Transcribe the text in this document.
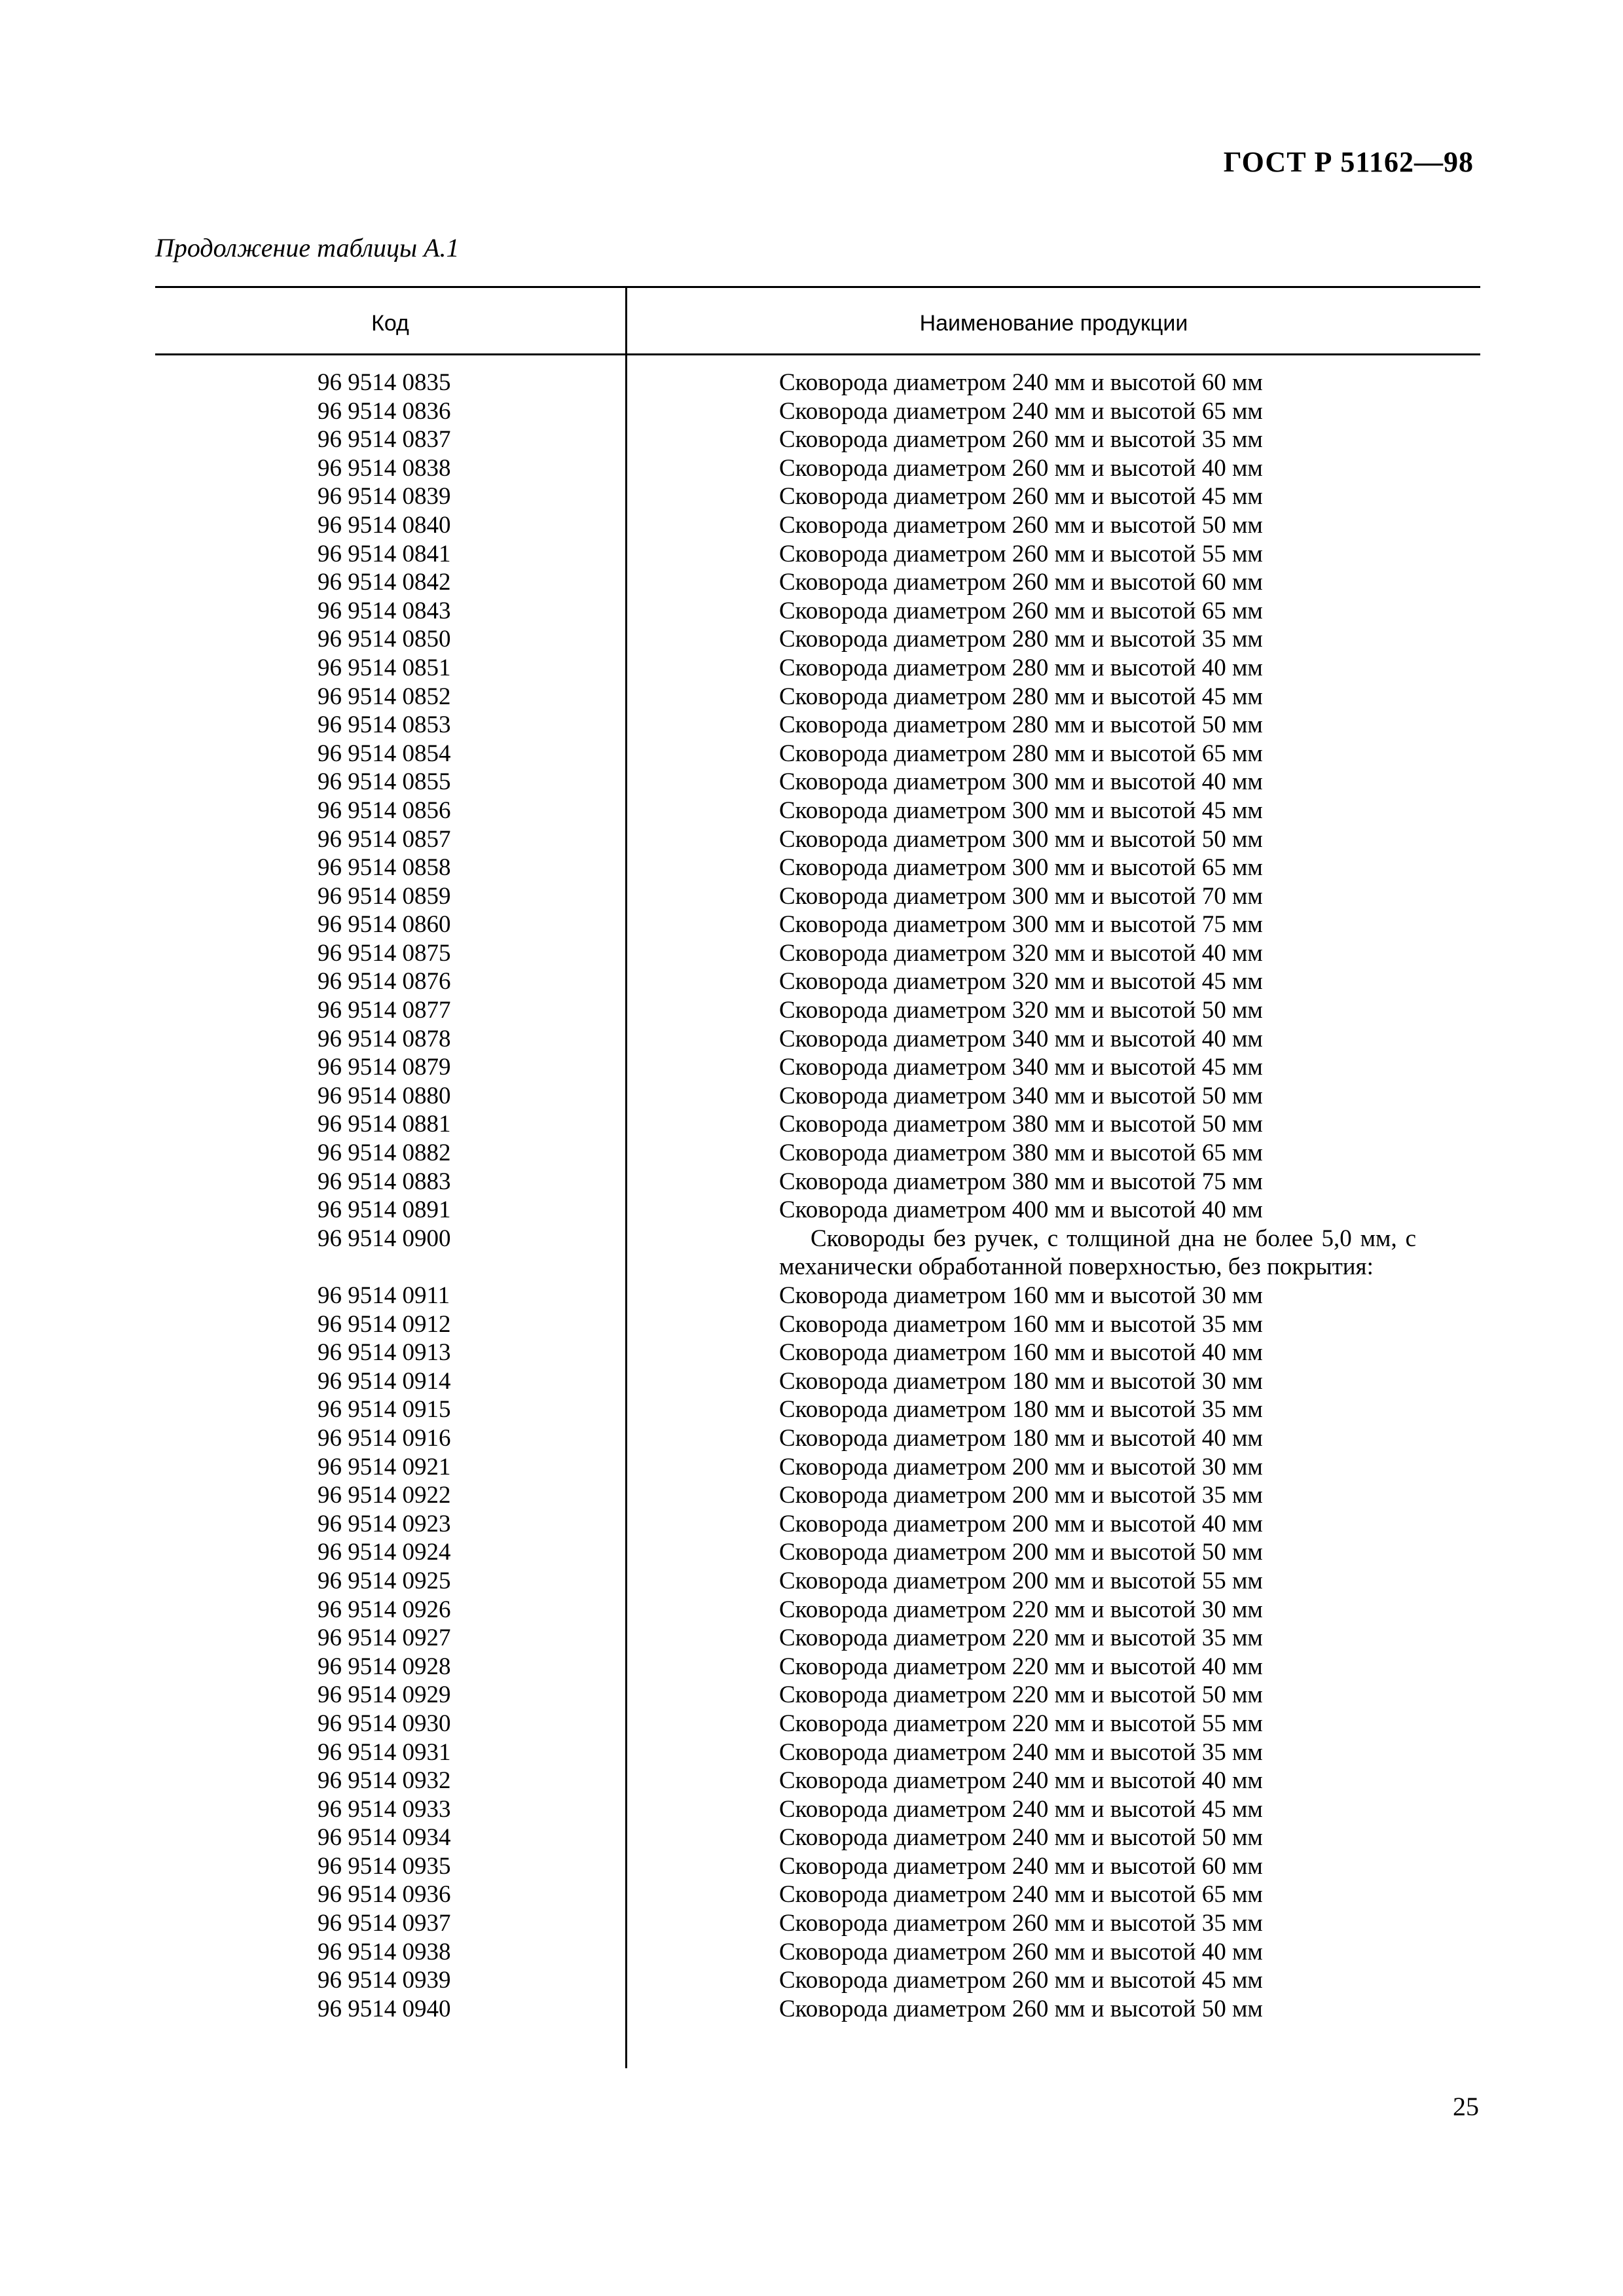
ГОСТ Р 51162—98
Продолжение таблицы А.1
Код	Наименование продукции
96 9514 0835	Сковорода диаметром 240 мм и высотой 60 мм
96 9514 0836	Сковорода диаметром 240 мм и высотой 65 мм
96 9514 0837	Сковорода диаметром 260 мм и высотой 35 мм
96 9514 0838	Сковорода диаметром 260 мм и высотой 40 мм
96 9514 0839	Сковорода диаметром 260 мм и высотой 45 мм
96 9514 0840	Сковорода диаметром 260 мм и высотой 50 мм
96 9514 0841	Сковорода диаметром 260 мм и высотой 55 мм
96 9514 0842	Сковорода диаметром 260 мм и высотой 60 мм
96 9514 0843	Сковорода диаметром 260 мм и высотой 65 мм
96 9514 0850	Сковорода диаметром 280 мм и высотой 35 мм
96 9514 0851	Сковорода диаметром 280 мм и высотой 40 мм
96 9514 0852	Сковорода диаметром 280 мм и высотой 45 мм
96 9514 0853	Сковорода диаметром 280 мм и высотой 50 мм
96 9514 0854	Сковорода диаметром 280 мм и высотой 65 мм
96 9514 0855	Сковорода диаметром 300 мм и высотой 40 мм
96 9514 0856	Сковорода диаметром 300 мм и высотой 45 мм
96 9514 0857	Сковорода диаметром 300 мм и высотой 50 мм
96 9514 0858	Сковорода диаметром 300 мм и высотой 65 мм
96 9514 0859	Сковорода диаметром 300 мм и высотой 70 мм
96 9514 0860	Сковорода диаметром 300 мм и высотой 75 мм
96 9514 0875	Сковорода диаметром 320 мм и высотой 40 мм
96 9514 0876	Сковорода диаметром 320 мм и высотой 45 мм
96 9514 0877	Сковорода диаметром 320 мм и высотой 50 мм
96 9514 0878	Сковорода диаметром 340 мм и высотой 40 мм
96 9514 0879	Сковорода диаметром 340 мм и высотой 45 мм
96 9514 0880	Сковорода диаметром 340 мм и высотой 50 мм
96 9514 0881	Сковорода диаметром 380 мм и высотой 50 мм
96 9514 0882	Сковорода диаметром 380 мм и высотой 65 мм
96 9514 0883	Сковорода диаметром 380 мм и высотой 75 мм
96 9514 0891	Сковорода диаметром 400 мм и высотой 40 мм
96 9514 0900	Сковороды без ручек, с толщиной дна не более 5,0 мм, с механически обработанной поверхностью, без покрытия:
96 9514 0911	Сковорода диаметром 160 мм и высотой 30 мм
96 9514 0912	Сковорода диаметром 160 мм и высотой 35 мм
96 9514 0913	Сковорода диаметром 160 мм и высотой 40 мм
96 9514 0914	Сковорода диаметром 180 мм и высотой 30 мм
96 9514 0915	Сковорода диаметром 180 мм и высотой 35 мм
96 9514 0916	Сковорода диаметром 180 мм и высотой 40 мм
96 9514 0921	Сковорода диаметром 200 мм и высотой 30 мм
96 9514 0922	Сковорода диаметром 200 мм и высотой 35 мм
96 9514 0923	Сковорода диаметром 200 мм и высотой 40 мм
96 9514 0924	Сковорода диаметром 200 мм и высотой 50 мм
96 9514 0925	Сковорода диаметром 200 мм и высотой 55 мм
96 9514 0926	Сковорода диаметром 220 мм и высотой 30 мм
96 9514 0927	Сковорода диаметром 220 мм и высотой 35 мм
96 9514 0928	Сковорода диаметром 220 мм и высотой 40 мм
96 9514 0929	Сковорода диаметром 220 мм и высотой 50 мм
96 9514 0930	Сковорода диаметром 220 мм и высотой 55 мм
96 9514 0931	Сковорода диаметром 240 мм и высотой 35 мм
96 9514 0932	Сковорода диаметром 240 мм и высотой 40 мм
96 9514 0933	Сковорода диаметром 240 мм и высотой 45 мм
96 9514 0934	Сковорода диаметром 240 мм и высотой 50 мм
96 9514 0935	Сковорода диаметром 240 мм и высотой 60 мм
96 9514 0936	Сковорода диаметром 240 мм и высотой 65 мм
96 9514 0937	Сковорода диаметром 260 мм и высотой 35 мм
96 9514 0938	Сковорода диаметром 260 мм и высотой 40 мм
96 9514 0939	Сковорода диаметром 260 мм и высотой 45 мм
96 9514 0940	Сковорода диаметром 260 мм и высотой 50 мм
25
